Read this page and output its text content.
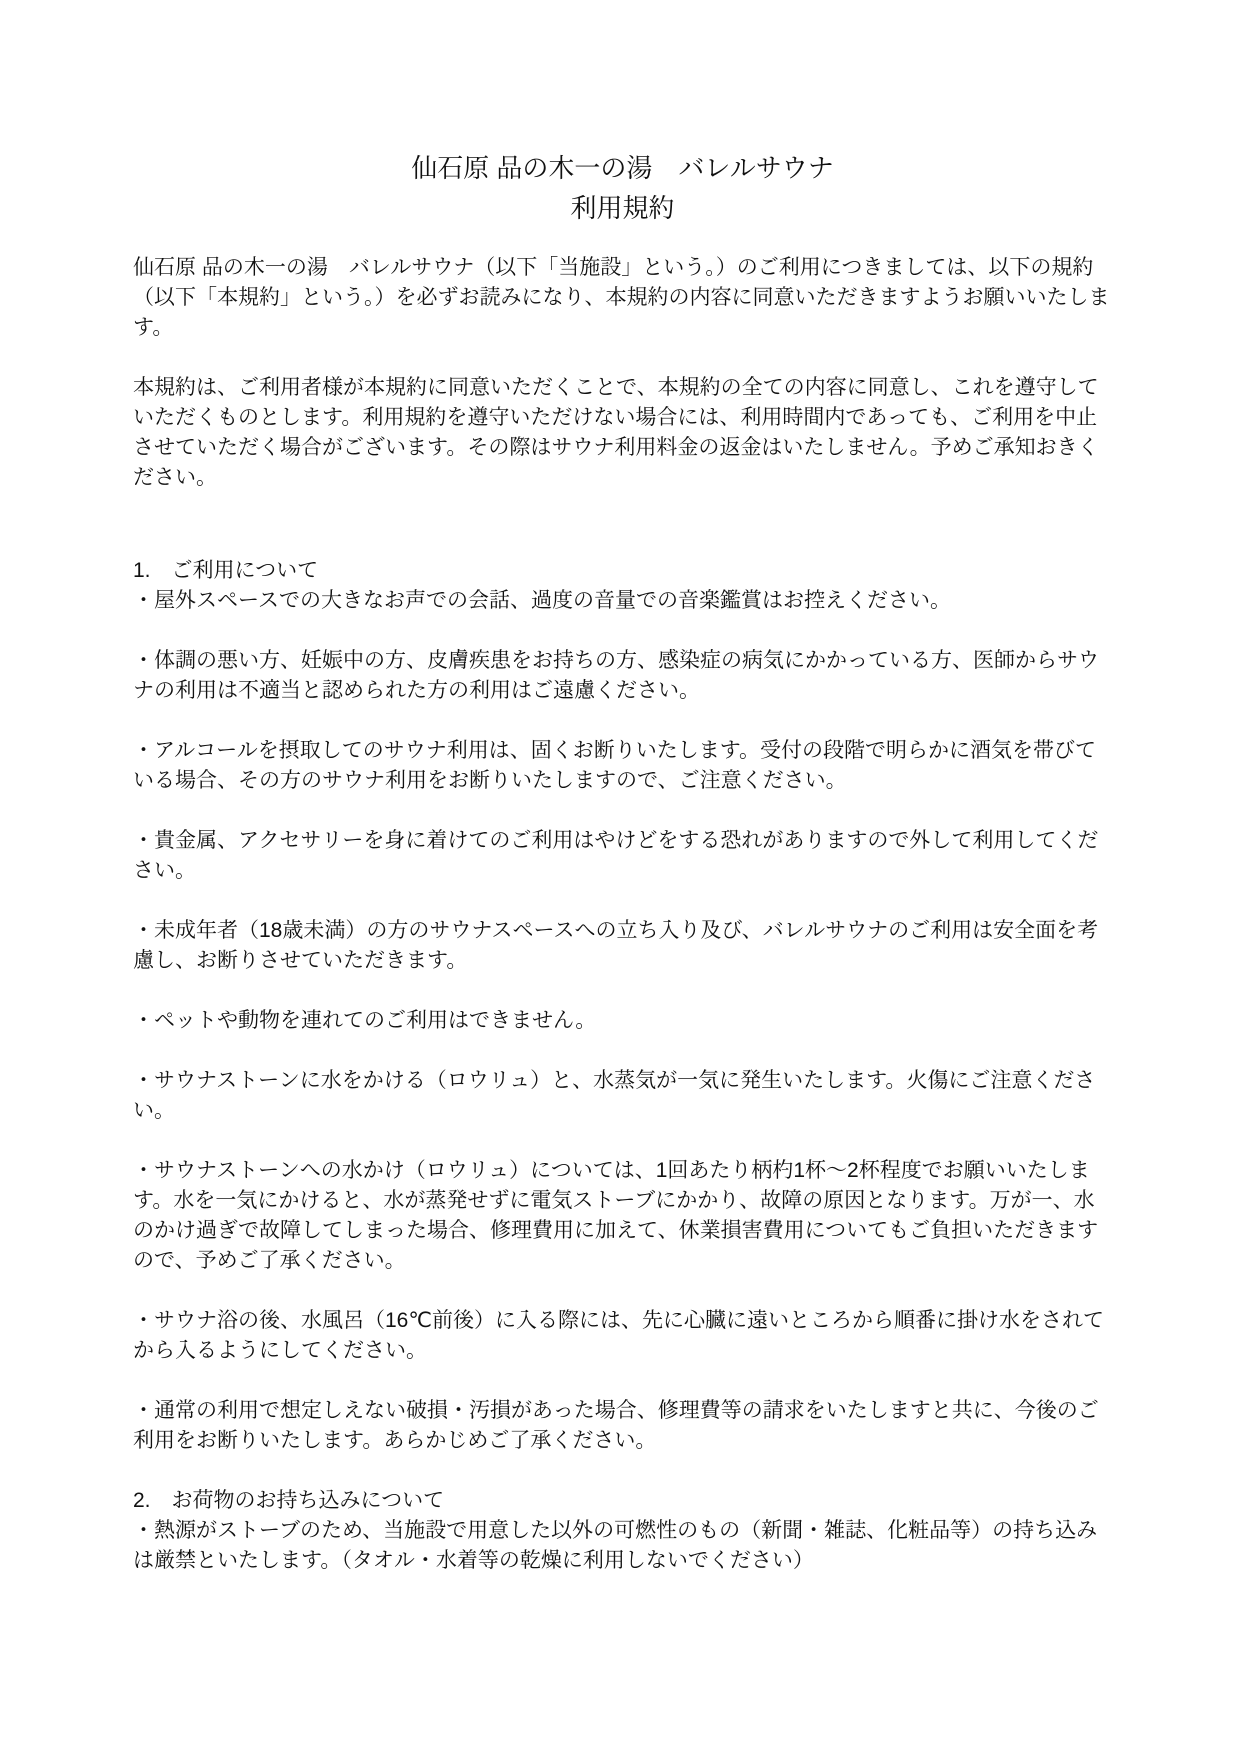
仙石原 品の木一の湯　バレルサウナ
利用規約

仙石原 品の木一の湯　バレルサウナ（以下「当施設」という。）のご利用につきましては、以下の規約（以下「本規約」という。）を必ずお読みになり、本規約の内容に同意いただきますようお願いいたします。

本規約は、ご利用者様が本規約に同意いただくことで、本規約の全ての内容に同意し、これを遵守していただくものとします。利用規約を遵守いただけない場合には、利用時間内であっても、ご利用を中止させていただく場合がございます。その際はサウナ利用料金の返金はいたしません。予めご承知おきください。

1.　ご利用について

・屋外スペースでの大きなお声での会話、過度の音量での音楽鑑賞はお控えください。

・体調の悪い方、妊娠中の方、皮膚疾患をお持ちの方、感染症の病気にかかっている方、医師からサウナの利用は不適当と認められた方の利用はご遠慮ください。

・アルコールを摂取してのサウナ利用は、固くお断りいたします。受付の段階で明らかに酒気を帯びている場合、その方のサウナ利用をお断りいたしますので、ご注意ください。

・貴金属、アクセサリーを身に着けてのご利用はやけどをする恐れがありますので外して利用してください。

・未成年者（18歳未満）の方のサウナスペースへの立ち入り及び、バレルサウナのご利用は安全面を考慮し、お断りさせていただきます。

・ペットや動物を連れてのご利用はできません。

・サウナストーンに水をかける（ロウリュ）と、水蒸気が一気に発生いたします。火傷にご注意ください。

・サウナストーンへの水かけ（ロウリュ）については、1回あたり柄杓1杯～2杯程度でお願いいたします。水を一気にかけると、水が蒸発せずに電気ストーブにかかり、故障の原因となります。万が一、水のかけ過ぎで故障してしまった場合、修理費用に加えて、休業損害費用についてもご負担いただきますので、予めご了承ください。

・サウナ浴の後、水風呂（16℃前後）に入る際には、先に心臓に遠いところから順番に掛け水をされてから入るようにしてください。

・通常の利用で想定しえない破損・汚損があった場合、修理費等の請求をいたしますと共に、今後のご利用をお断りいたします。あらかじめご了承ください。

2.　お荷物のお持ち込みについて

・熱源がストーブのため、当施設で用意した以外の可燃性のもの（新聞・雑誌、化粧品等）の持ち込みは厳禁といたします。（タオル・水着等の乾燥に利用しないでください）
